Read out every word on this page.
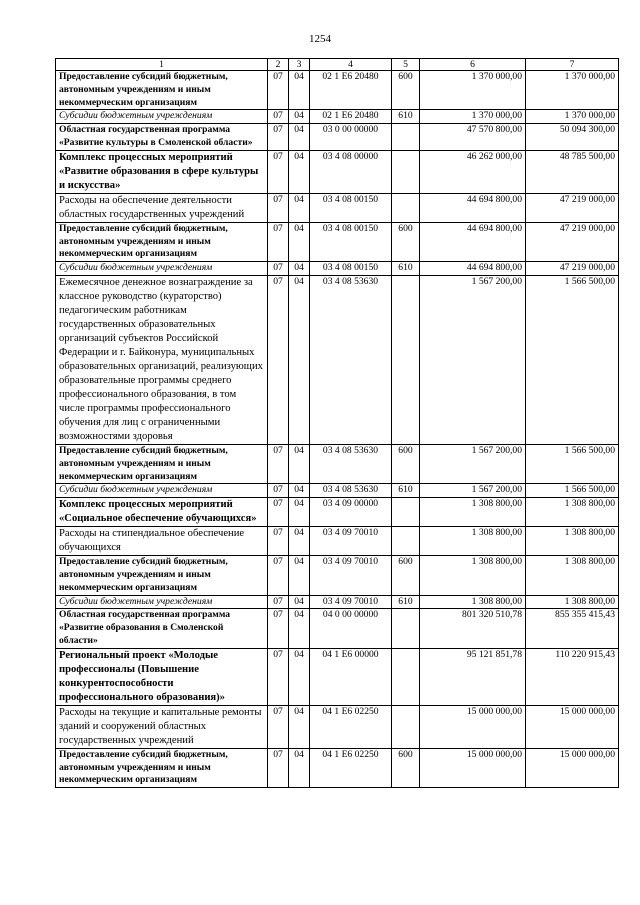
1254
1	2	3	4	5	6	7
Предоставление субсидий бюджетным, автономным учреждениям и иным некоммерческим организациям	07	04	02 1 Е6 20480	600	1 370 000,00	1 370 000,00
Субсидии бюджетным учреждениям	07	04	02 1 Е6 20480	610	1 370 000,00	1 370 000,00
Областная государственная программа «Развитие культуры в Смоленской области»	07	04	03 0 00 00000		47 570 800,00	50 094 300,00
Комплекс процессных мероприятий «Развитие образования в сфере культуры и искусства»	07	04	03 4 08 00000		46 262 000,00	48 785 500,00
Расходы на обеспечение деятельности областных государственных учреждений	07	04	03 4 08 00150		44 694 800,00	47 219 000,00
Предоставление субсидий бюджетным, автономным учреждениям и иным некоммерческим организациям	07	04	03 4 08 00150	600	44 694 800,00	47 219 000,00
Субсидии бюджетным учреждениям	07	04	03 4 08 00150	610	44 694 800,00	47 219 000,00
Ежемесячное денежное вознаграждение за классное руководство (кураторство) педагогическим работникам государственных образовательных организаций субъектов Российской Федерации и г. Байконура, муниципальных образовательных организаций, реализующих образовательные программы среднего профессионального образования, в том числе программы профессионального обучения для лиц с ограниченными возможностями здоровья	07	04	03 4 08 53630		1 567 200,00	1 566 500,00
Предоставление субсидий бюджетным, автономным учреждениям и иным некоммерческим организациям	07	04	03 4 08 53630	600	1 567 200,00	1 566 500,00
Субсидии бюджетным учреждениям	07	04	03 4 08 53630	610	1 567 200,00	1 566 500,00
Комплекс процессных мероприятий «Социальное обеспечение обучающихся»	07	04	03 4 09 00000		1 308 800,00	1 308 800,00
Расходы на стипендиальное обеспечение обучающихся	07	04	03 4 09 70010		1 308 800,00	1 308 800,00
Предоставление субсидий бюджетным, автономным учреждениям и иным некоммерческим организациям	07	04	03 4 09 70010	600	1 308 800,00	1 308 800,00
Субсидии бюджетным учреждениям	07	04	03 4 09 70010	610	1 308 800,00	1 308 800,00
Областная государственная программа «Развитие образования в Смоленской области»	07	04	04 0 00 00000		801 320 510,78	855 355 415,43
Региональный проект «Молодые профессионалы (Повышение конкурентоспособности профессионального образования)»	07	04	04 1 Е6 00000		95 121 851,78	110 220 915,43
Расходы на текущие и капитальные ремонты зданий и сооружений областных государственных учреждений	07	04	04 1 Е6 02250		15 000 000,00	15 000 000,00
Предоставление субсидий бюджетным, автономным учреждениям и иным некоммерческим организациям	07	04	04 1 Е6 02250	600	15 000 000,00	15 000 000,00
